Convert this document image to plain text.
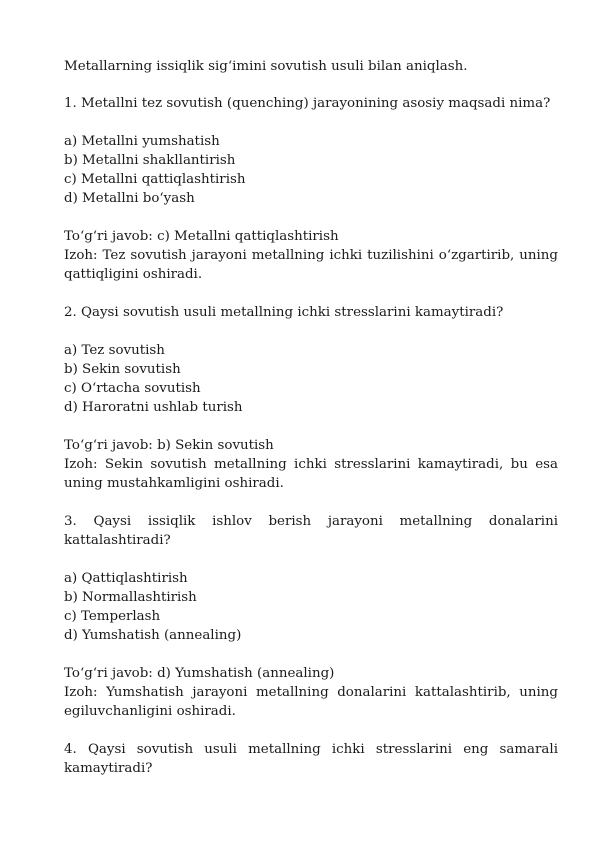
Metallarning issiqlik sigʻimini sovutish usuli bilan aniqlash.

1. Metallni tez sovutish (quenching) jarayonining asosiy maqsadi nima?

a) Metallni yumshatish

b) Metallni shakllantirish

c) Metallni qattiqlashtirish

d) Metallni boʻyash

Toʻgʻri javob: c) Metallni qattiqlashtirish

Izoh: Tez sovutish jarayoni metallning ichki tuzilishini oʻzgartirib, uning qattiqligini oshiradi.

2. Qaysi sovutish usuli metallning ichki stresslarini kamaytiradi?

a) Tez sovutish

b) Sekin sovutish

c) Oʻrtacha sovutish

d) Haroratni ushlab turish

Toʻgʻri javob: b) Sekin sovutish

Izoh: Sekin sovutish metallning ichki stresslarini kamaytiradi, bu esa uning mustahkamligini oshiradi.

3. Qaysi issiqlik ishlov berish jarayoni metallning donalarini kattalashtiradi?

a) Qattiqlashtirish

b) Normallashtirish

c) Temperlash

d) Yumshatish (annealing)

Toʻgʻri javob: d) Yumshatish (annealing)

Izoh: Yumshatish jarayoni metallning donalarini kattalashtirib, uning egiluvchanligini oshiradi.

4. Qaysi sovutish usuli metallning ichki stresslarini eng samarali kamaytiradi?
